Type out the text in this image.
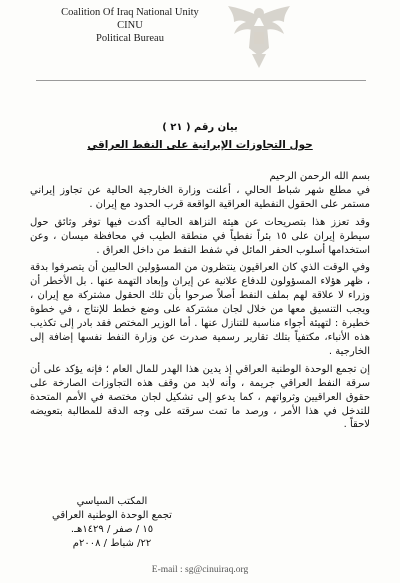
Coalition Of Iraq National Unity
CINU
Political Bureau
بيان رقم ( ٢١ )
حول التجاوزات الإيرانية على النفط العراقي

بسم الله الرحمن الرحيم

في مطلع شهر شباط الحالي ، أعلنت وزارة الخارجية الحالية عن تجاوز إيراني مستمر على الحقول النفطية العراقية الواقعة قرب الحدود مع إيران .

وقد تعزز هذا بتصريحات عن هيئة النزاهة الحالية أكدت فيها توفر وثائق حول سيطرة إيران على ١٥ بئراً نفطياً في منطقة الطيب في محافظة ميسان ، وعن استخدامها أسلوب الحفر المائل في شفط النفط من داخل العراق .

وفي الوقت الذي كان العراقيون ينتظرون من المسؤولين الحاليين أن يتصرفوا بدقة ، ظهر هؤلاء المسؤولون للدفاع علانية عن إيران وإبعاد التهمة عنها . بل الأخطر أن وزراء لا علاقة لهم بملف النفط أصلاً صرحوا بأن تلك الحقول مشتركة مع إيران ، ويجب التنسيق معها من خلال لجان مشتركة على وضع خطط للإنتاج ، في خطوة خطيرة : لتهيئة أجواء مناسبة للتنازل عنها . أما الوزير المختص فقد بادر إلى تكذيب هذه الأنباء، مكتفياً بتلك تقارير رسمية صدرت عن وزارة النفط نفسها إضافة إلى الخارجية .

إن تجمع الوحدة الوطنية العراقي إذ يدين هذا الهدر للمال العام ؛ فإنه يؤكد على أن سرقة النفط العراقي جريمة ، وأنه لابد من وقف هذه التجاوزات الصارخة على حقوق العراقيين وثرواتهم ، كما يدعو إلى تشكيل لجان مختصة في الأمم المتحدة للتدخل في هذا الأمر ، ورصد ما تمت سرقته على وجه الدقة للمطالبة بتعويضه لاحقاً .

المكتب السياسي
تجمع الوحدة الوطنية العراقي
١٥ / صفر / ١٤٢٩هـ.
٢٢/ شباط / ٢٠٠٨م
E-mail : sg@cinuiraq.org
